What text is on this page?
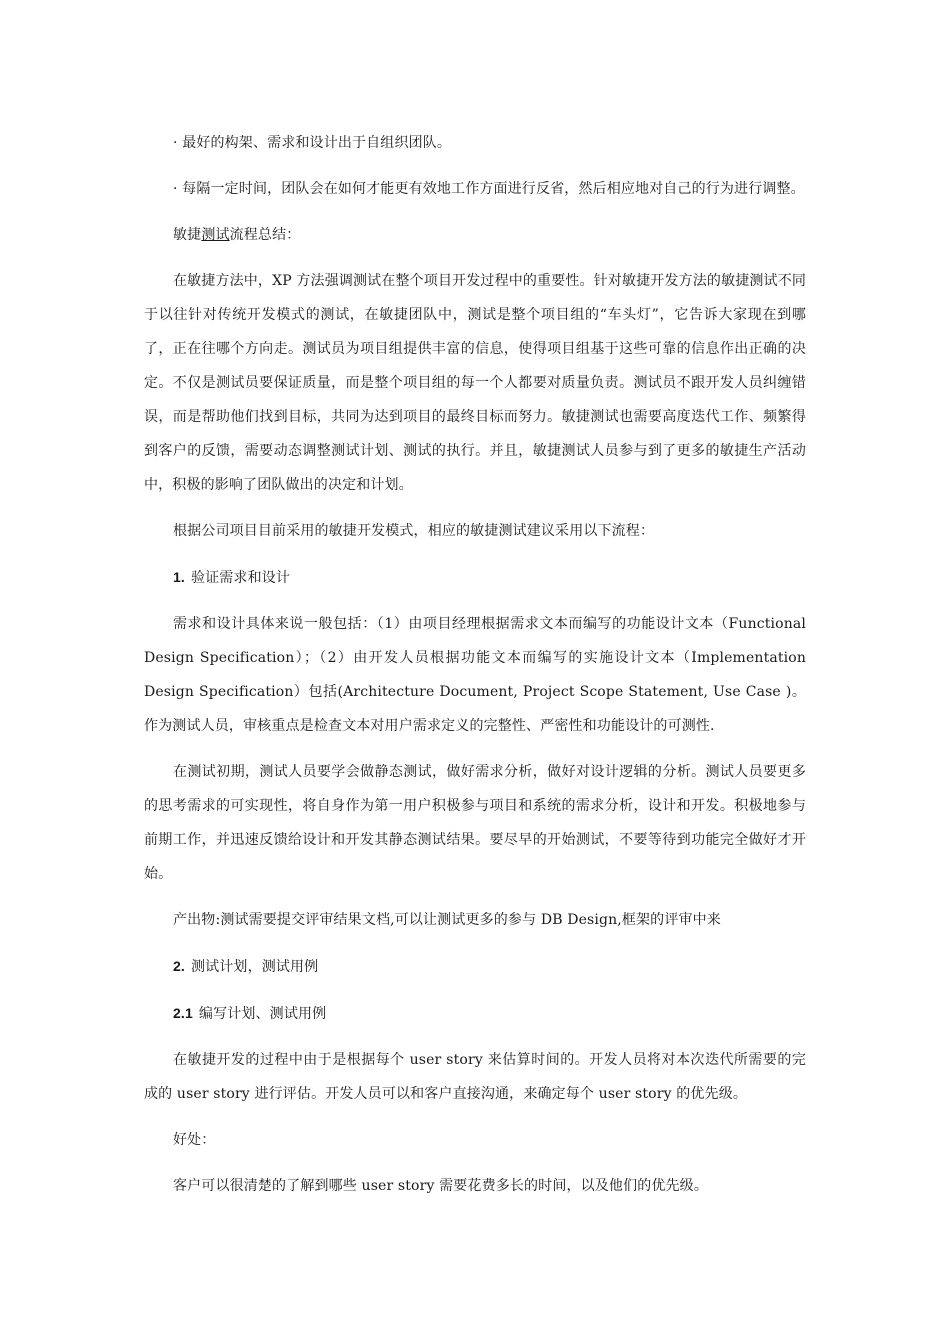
· 最好的构架、需求和设计出于自组织团队。

· 每隔一定时间，团队会在如何才能更有效地工作方面进行反省，然后相应地对自己的行为进行调整。

敏捷测试流程总结：

在敏捷方法中，XP 方法强调测试在整个项目开发过程中的重要性。针对敏捷开发方法的敏捷测试不同于以往针对传统开发模式的测试，在敏捷团队中，测试是整个项目组的“车头灯”，它告诉大家现在到哪了，正在往哪个方向走。测试员为项目组提供丰富的信息，使得项目组基于这些可靠的信息作出正确的决定。不仅是测试员要保证质量，而是整个项目组的每一个人都要对质量负责。测试员不跟开发人员纠缠错误，而是帮助他们找到目标，共同为达到项目的最终目标而努力。敏捷测试也需要高度迭代工作、频繁得到客户的反馈，需要动态调整测试计划、测试的执行。并且，敏捷测试人员参与到了更多的敏捷生产活动中，积极的影响了团队做出的决定和计划。

根据公司项目目前采用的敏捷开发模式，相应的敏捷测试建议采用以下流程：

1. 验证需求和设计

需求和设计具体来说一般包括：（1）由项目经理根据需求文本而编写的功能设计文本（Functional Design Specification）；（2）由开发人员根据功能文本而编写的实施设计文本（Implementation Design Specification）包括(Architecture Document, Project Scope Statement, Use Case )。作为测试人员，审核重点是检查文本对用户需求定义的完整性、严密性和功能设计的可测性.

在测试初期，测试人员要学会做静态测试，做好需求分析，做好对设计逻辑的分析。测试人员要更多的思考需求的可实现性，将自身作为第一用户积极参与项目和系统的需求分析，设计和开发。积极地参与前期工作，并迅速反馈给设计和开发其静态测试结果。要尽早的开始测试，不要等待到功能完全做好才开始。

产出物:测试需要提交评审结果文档,可以让测试更多的参与 DB Design,框架的评审中来

2. 测试计划，测试用例

2.1 编写计划、测试用例

在敏捷开发的过程中由于是根据每个 user story 来估算时间的。开发人员将对本次迭代所需要的完成的 user story 进行评估。开发人员可以和客户直接沟通，来确定每个 user story 的优先级。

好处：

客户可以很清楚的了解到哪些 user story 需要花费多长的时间，以及他们的优先级。
